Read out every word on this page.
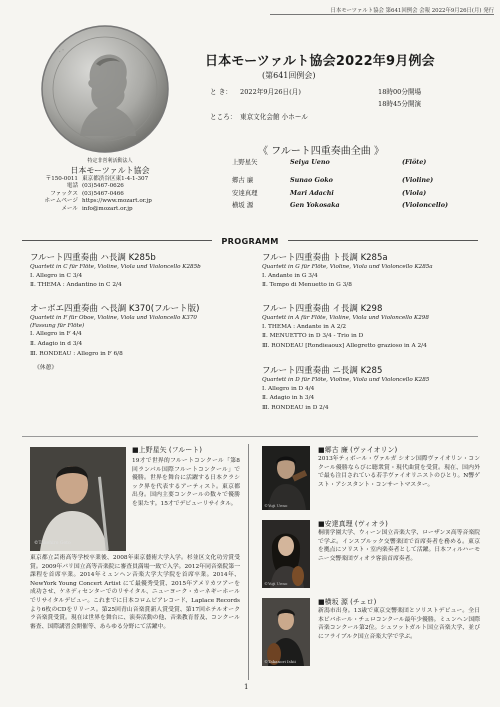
日本モーツァルト協会 第641回例会 会報 2022年9月26日(月) 発行
· ·
特定非営利活動法人
日本モーツァルト協会
〒150-0011 東京都渋谷区東1-4-1-307
電話 (03)5467-0626
ファックス (03)5467-0466
ホームページ https://www.mozart.or.jp
メール info@mozart.or.jp
日本モーツァルト協会2022年9月例会
(第641回例会)
と き： 2022年9月26日(月)	18時00分開場
18時45分開演
ところ： 東京文化会館 小ホール
《 フルート四重奏曲全曲 》
上野星矢	Seiya Ueno	(Flöte)
郷古 廉	Sunao Goko	(Violine)
安達真理	Mari Adachi	(Viola)
横坂 源	Gen Yokosaka	(Violoncello)
PROGRAMM
フルート四重奏曲 ハ長調 K285b
Quartett in C für Flöte, Violine, Viola und Violoncello K285b
Ⅰ. Allegro in C 3/4
Ⅱ. THEMA : Andantino in C 2/4
オーボエ四重奏曲 ヘ長調 K370(フルート版)
Quartett in F für Oboe, Violine, Viola und Violoncello K370
(Fassung für Flöte)
Ⅰ. Allegro in F 4/4
Ⅱ. Adagio in d 3/4
Ⅲ. RONDEAU : Allegro in F 6/8
《休憩》
フルート四重奏曲 ト長調 K285a
Quartett in G für Flöte, Violine, Viola und Violoncello K285a
Ⅰ. Andante in G 3/4
Ⅱ. Tempo di Menuetto in G 3/8
フルート四重奏曲 イ長調 K298
Quartett in A für Flöte, Violine, Viola und Violoncello K298
Ⅰ. THEMA : Andante in A 2/2
Ⅱ. MENUETTO in D 3/4 - Trio in D
Ⅲ. RONDEAU [Rondieaoux] Allegretto grazioso in A 2/4
フルート四重奏曲 ニ長調 K285
Quartett in D für Flöte, Violine, Viola und Violoncello K285
Ⅰ. Allegro in D 4/4
Ⅱ. Adagio in h 3/4
Ⅲ. RONDEAU in D 2/4
©Takehiro Goto
■上野星矢 (フルート)
19才で世界的フルートコンクール「第8回ランパル国際フルートコンクール」で優勝。世界を舞台に活躍する日本クラシック界を代表するアーティスト。東京都出身。国内主要コンクールの数々で優勝を果たす。15才でデビューリサイタル。
東京都立芸術高等学校卒業後、2008年東京藝術大学入学。杉並区文化功労賞受賞。2009年パリ国立高等音楽院に審査員満場一致で入学。2012年同音楽院第一課程を首席卒業。2014年ミュンヘン音楽大学大学院を首席卒業。2014年、NewYork Young Concert Artist にて最優秀受賞、2015年アメリカツアーを成功させ、ケネディセンターでのリサイタル、ニューヨーク・カーネギーホールでリサイタルデビュー。これまでに日本コロムビアレコード、Laplace Records より6枚のCDをリリース。第25回青山音楽賞新人賞受賞、第17回ホテルオークラ音楽賞受賞。現在は世界を舞台に、演奏活動の他、音楽教育普及、コンクール審査、国際講習会開催等、あらゆる分野にて活躍中。
©Yuji Ueno
■郷古 廉 (ヴァイオリン)
2013年ティボール・ヴァルガ シオン国際ヴァイオリン・コンクール優勝ならびに聴衆賞・現代曲賞を受賞。現在、国内外で最も注目されている若手ヴァイオリニストのひとり。N響ゲスト・アシスタント・コンサートマスター。
©Yuji Ueno
■安達真理 (ヴィオラ)
桐朋学園大学、ウィーン国立音楽大学、ローザンヌ高等音楽院で学ぶ。インスブルック交響楽団で首席奏者を務める。東京を拠点にソリスト・室内楽奏者として活躍。日本フィルハーモニー交響楽団ヴィオラ客演首席奏者。
©Takanori Ishii
■横坂 源 (チェロ)
新潟市出身。13歳で東京交響楽団とソリストデビュー。全日本ビバホール・チェロコンクール最年少優勝。ミュンヘン国際音楽コンクール第2位。シュツットガルト国立音楽大学、並びにフライブルク国立音楽大学で学ぶ。
1
